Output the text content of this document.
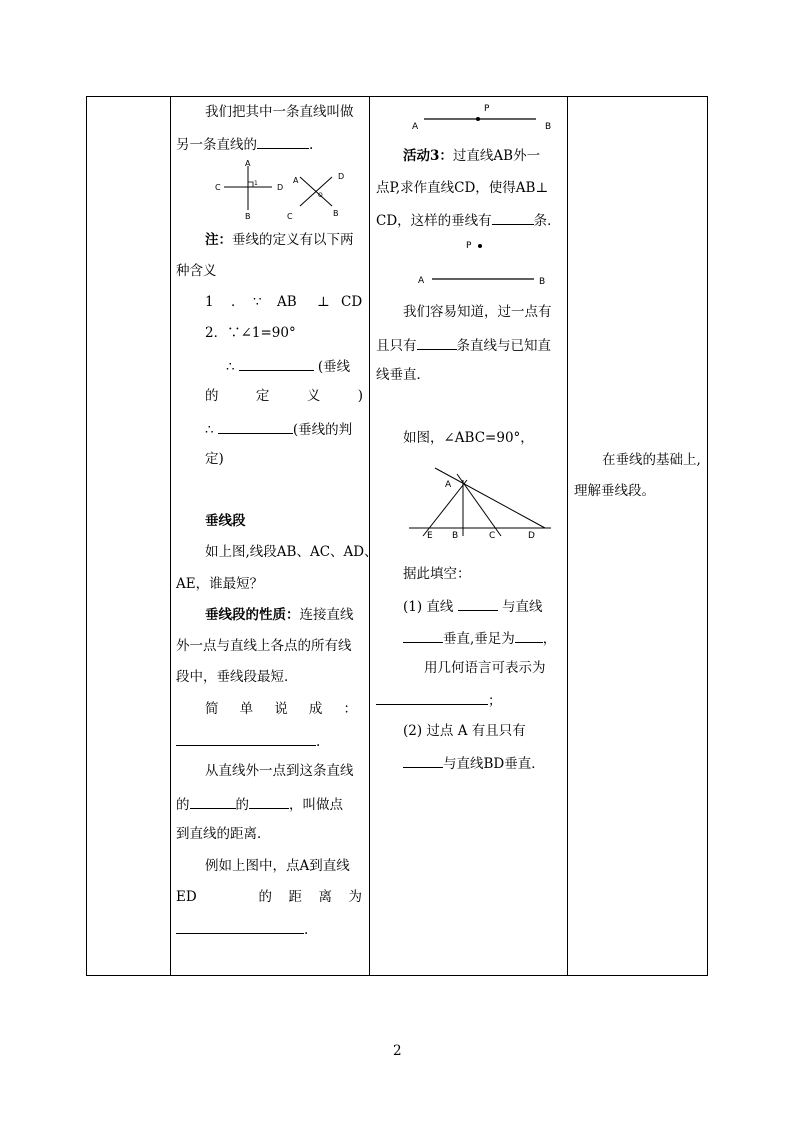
我们把其中一条直线叫做
另一条直线的	.
A
C	1 D
B
A	D
O
C	B
注：垂线的定义有以下两
种含义
1 ． ∵ AB ⊥ CD
2．∵∠1=90°
∴	(垂线
的	定	义	)
∴	(垂线的判
定)
垂线段
如上图,线段AB、AC、AD、
AE，谁最短？
垂线段的性质：连接直线
外一点与直线上各点的所有线
段中，垂线段最短．
简 单 说 成 ：
.
从直线外一点到这条直线
的	的	，叫做点
到直线的距离．
例如上图中，点A到直线
ED	的 距 离 为
.
A
P
B
活动3：过直线AB外一
点P,求作直线CD，使得AB⊥
CD，这样的垂线有	条．
P
A	B
我们容易知道，过一点有
且只有	条直线与已知直
线垂直．
如图，∠ABC=90°，
A
E B	C	D
据此填空：
(1) 直线	与直线
垂直,垂足为 ，
用几何语言可表示为
；
(2) 过点 A 有且只有
与直线BD垂直．
在垂线的基础上,
理解垂线段。
2
